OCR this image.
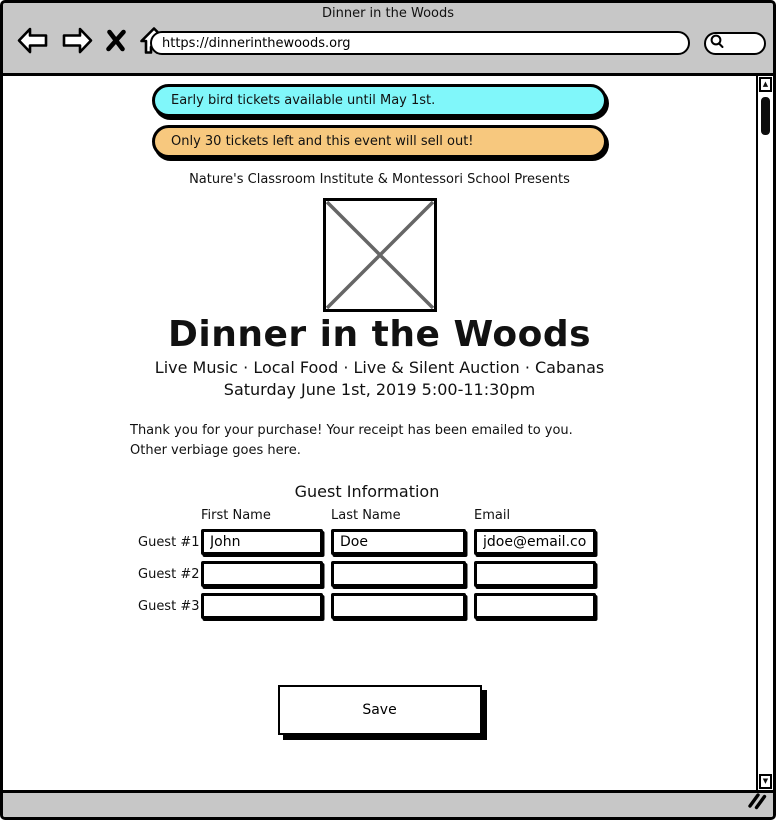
Dinner in the Woods
https://dinnerinthewoods.org
Early bird tickets available until May 1st.
Only 30 tickets left and this event will sell out!
Nature's Classroom Institute & Montessori School Presents
Dinner in the Woods
Live Music · Local Food · Live & Silent Auction · Cabanas
Saturday June 1st, 2019 5:00-11:30pm
Thank you for your purchase! Your receipt has been emailed to you.
Other verbiage goes here.
Guest Information
First Name	Last Name	Email
Guest #1
John
Doe
jdoe@email.com
Guest #2
Guest #3
Save
▲
▼
